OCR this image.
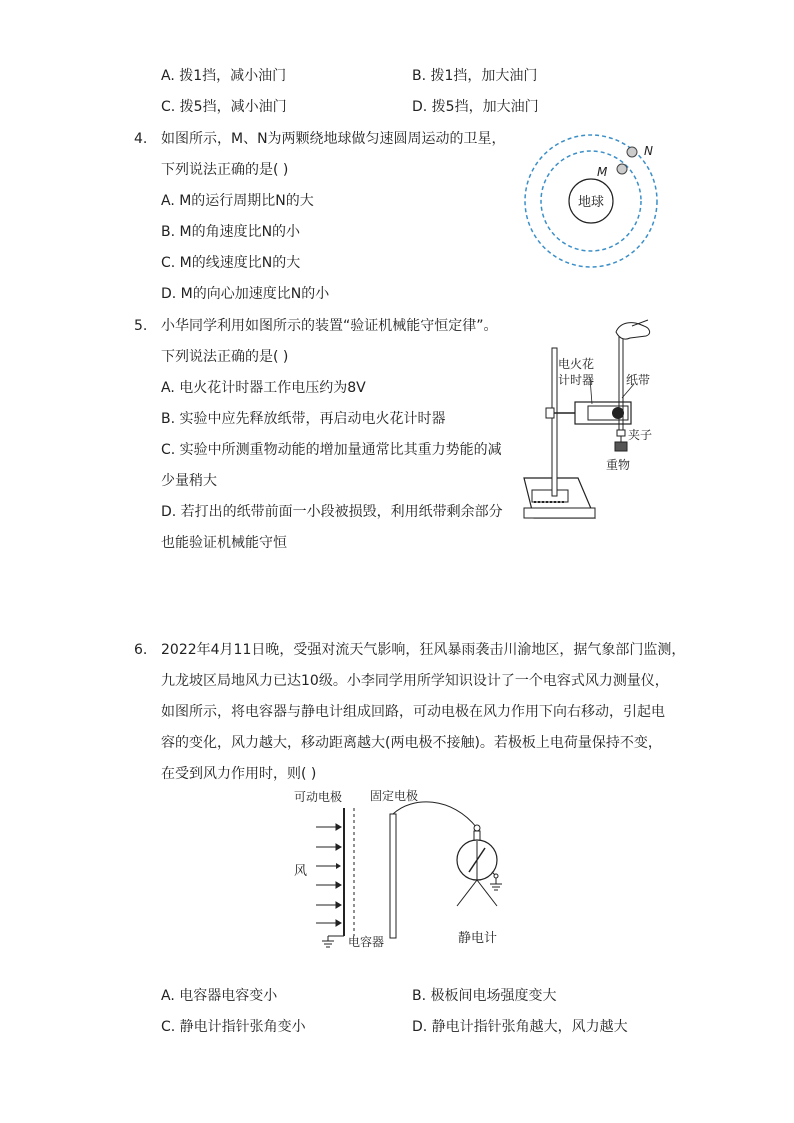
A. 拨1挡，减小油门	B. 拨1挡，加大油门
C. 拨5挡，减小油门	D. 拨5挡，加大油门
4. 如图所示，M、N为两颗绕地球做匀速圆周运动的卫星，
下列说法正确的是( )
A. M的运行周期比N的大
B. M的角速度比N的小
C. M的线速度比N的大
D. M的向心加速度比N的小
地球
M
N
5. 小华同学利用如图所示的装置“验证机械能守恒定律”。
下列说法正确的是( )
A. 电火花计时器工作电压约为8V
B. 实验中应先释放纸带，再启动电火花计时器
C. 实验中所测重物动能的增加量通常比其重力势能的减
少量稍大
D. 若打出的纸带前面一小段被损毁，利用纸带剩余部分
也能验证机械能守恒
电火花
计时器	纸带
夹子
重物
6. 2022年4月11日晚，受强对流天气影响，狂风暴雨袭击川渝地区，据气象部门监测，
九龙坡区局地风力已达10级。小李同学用所学知识设计了一个电容式风力测量仪，
如图所示，将电容器与静电计组成回路，可动电极在风力作用下向右移动，引起电
容的变化，风力越大，移动距离越大(两电极不接触)。若极板上电荷量保持不变，
在受到风力作用时，则( )
可动电极 固定电极
风
电容器	静电计
A. 电容器电容变小	B. 极板间电场强度变大
C. 静电计指针张角变小	D. 静电计指针张角越大，风力越大
